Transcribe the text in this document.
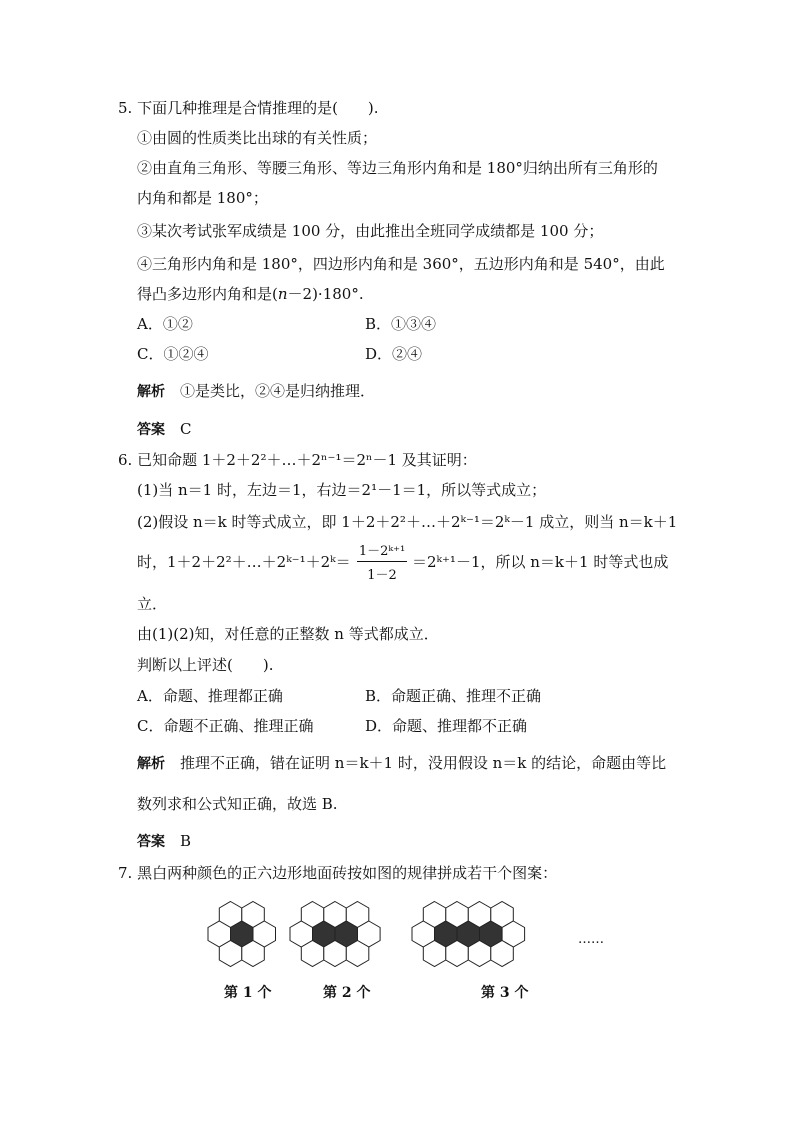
5. 下面几种推理是合情推理的是(　　).
①由圆的性质类比出球的有关性质；
②由直角三角形、等腰三角形、等边三角形内角和是 180°归纳出所有三角形的
内角和都是 180°；
③某次考试张军成绩是 100 分，由此推出全班同学成绩都是 100 分；
④三角形内角和是 180°，四边形内角和是 360°，五边形内角和是 540°，由此
得凸多边形内角和是(n－2)·180°.
A．①②	B．①③④
C．①②④	D．②④
解析　 ①是类比，②④是归纳推理．
答案　 C
6. 已知命题 1＋2＋2²＋…＋2ⁿ⁻¹＝2ⁿ－1 及其证明：
(1)当 n＝1 时，左边＝1，右边＝2¹－1＝1，所以等式成立；
(2)假设 n＝k 时等式成立，即 1＋2＋2²＋…＋2ᵏ⁻¹＝2ᵏ－1 成立，则当 n＝k＋1
时，1＋2＋2²＋…＋2ᵏ⁻¹＋2ᵏ＝
1－2ᵏ⁺¹
1－2
＝2ᵏ⁺¹－1，所以 n＝k＋1 时等式也成
立．
由(1)(2)知，对任意的正整数 n 等式都成立．
判断以上评述(　　).
A．命题、推理都正确	B．命题正确、推理不正确
C．命题不正确、推理正确	D．命题、推理都不正确
解析　 推理不正确，错在证明 n＝k＋1 时，没用假设 n＝k 的结论，命题由等比
数列求和公式知正确，故选 B.
答案　 B
7. 黑白两种颜色的正六边形地面砖按如图的规律拼成若干个图案：
……
第 1 个	第 2 个	第 3 个
